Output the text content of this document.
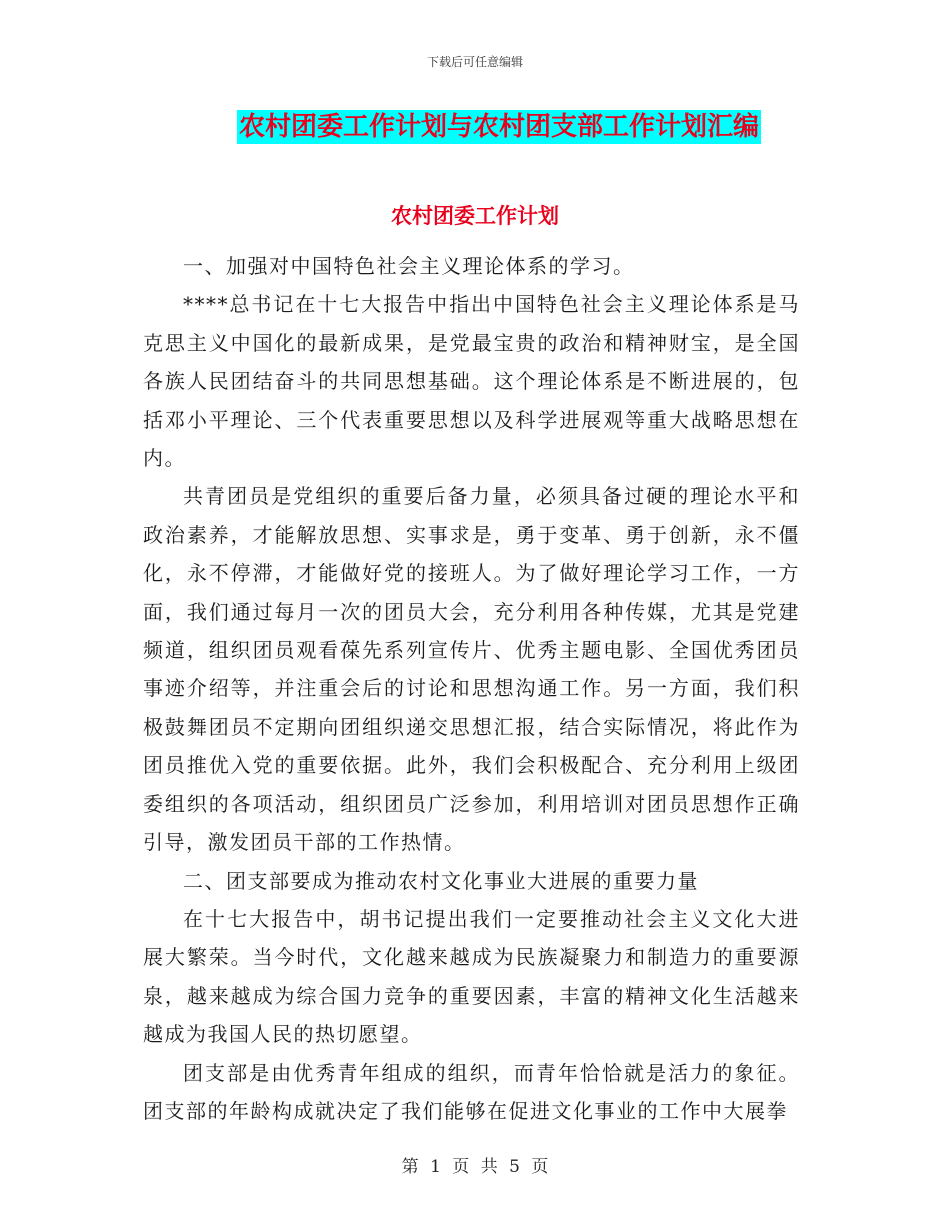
下载后可任意编辑
农村团委工作计划与农村团支部工作计划汇编
农村团委工作计划

一、加强对中国特色社会主义理论体系的学习。

****总书记在十七大报告中指出中国特色社会主义理论体系是马克思主义中国化的最新成果，是党最宝贵的政治和精神财宝，是全国各族人民团结奋斗的共同思想基础。这个理论体系是不断进展的，包括邓小平理论、三个代表重要思想以及科学进展观等重大战略思想在内。

共青团员是党组织的重要后备力量，必须具备过硬的理论水平和政治素养，才能解放思想、实事求是，勇于变革、勇于创新，永不僵化，永不停滞，才能做好党的接班人。为了做好理论学习工作，一方面，我们通过每月一次的团员大会，充分利用各种传媒，尤其是党建频道，组织团员观看葆先系列宣传片、优秀主题电影、全国优秀团员事迹介绍等，并注重会后的讨论和思想沟通工作。另一方面，我们积极鼓舞团员不定期向团组织递交思想汇报，结合实际情况，将此作为团员推优入党的重要依据。此外，我们会积极配合、充分利用上级团委组织的各项活动，组织团员广泛参加，利用培训对团员思想作正确引导，激发团员干部的工作热情。

二、团支部要成为推动农村文化事业大进展的重要力量

在十七大报告中，胡书记提出我们一定要推动社会主义文化大进展大繁荣。当今时代，文化越来越成为民族凝聚力和制造力的重要源泉，越来越成为综合国力竞争的重要因素，丰富的精神文化生活越来越成为我国人民的热切愿望。

团支部是由优秀青年组成的组织，而青年恰恰就是活力的象征。团支部的年龄构成就决定了我们能够在促进文化事业的工作中大展拳

第 1 页 共 5 页
